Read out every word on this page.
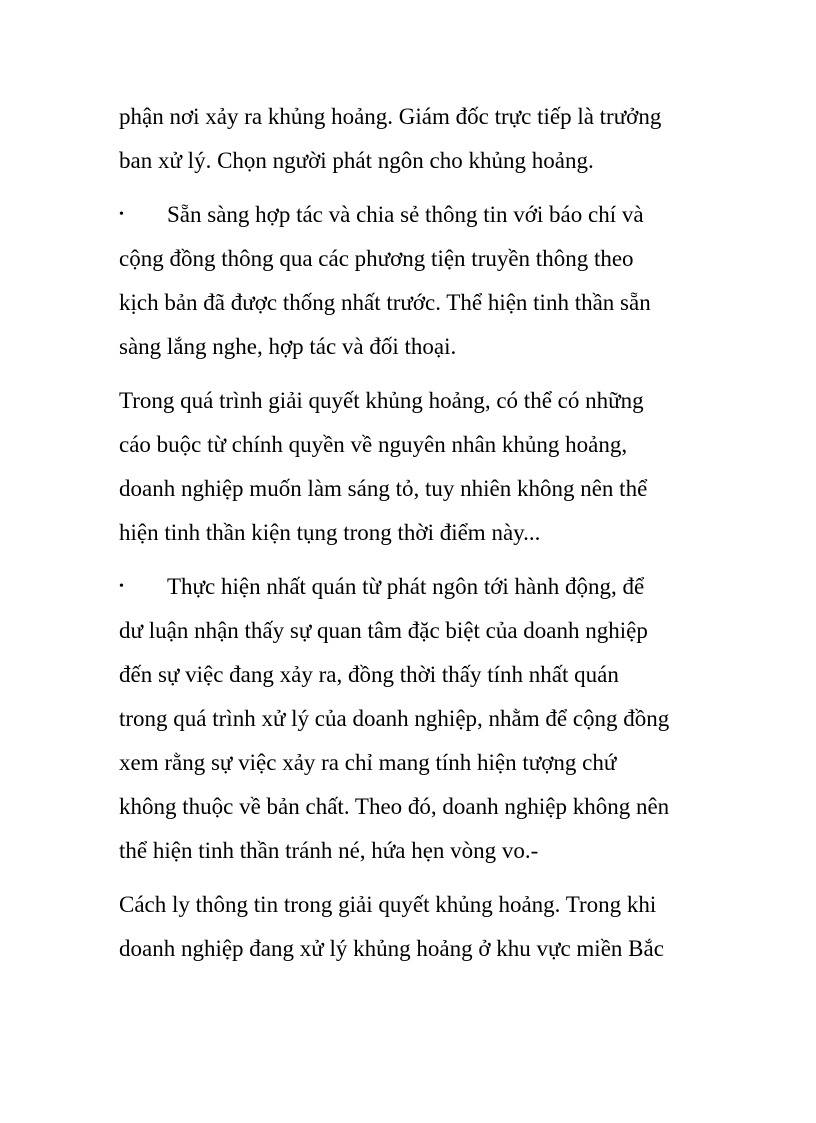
phận nơi xảy ra khủng hoảng. Giám đốc trực tiếp là trưởng
ban xử lý. Chọn người phát ngôn cho khủng hoảng.
•	Sẵn sàng hợp tác và chia sẻ thông tin với báo chí và
cộng đồng thông qua các phương tiện truyền thông theo
kịch bản đã được thống nhất trước. Thể hiện tinh thần sẵn
sàng lắng nghe, hợp tác và đối thoại.
Trong quá trình giải quyết khủng hoảng, có thể có những
cáo buộc từ chính quyền về nguyên nhân khủng hoảng,
doanh nghiệp muốn làm sáng tỏ, tuy nhiên không nên thể
hiện tinh thần kiện tụng trong thời điểm này...
•	Thực hiện nhất quán từ phát ngôn tới hành động, để
dư luận nhận thấy sự quan tâm đặc biệt của doanh nghiệp
đến sự việc đang xảy ra, đồng thời thấy tính nhất quán
trong quá trình xử lý của doanh nghiệp, nhằm để cộng đồng
xem rằng sự việc xảy ra chỉ mang tính hiện tượng chứ
không thuộc về bản chất. Theo đó, doanh nghiệp không nên
thể hiện tinh thần tránh né, hứa hẹn vòng vo.-
Cách ly thông tin trong giải quyết khủng hoảng. Trong khi
doanh nghiệp đang xử lý khủng hoảng ở khu vực miền Bắc
